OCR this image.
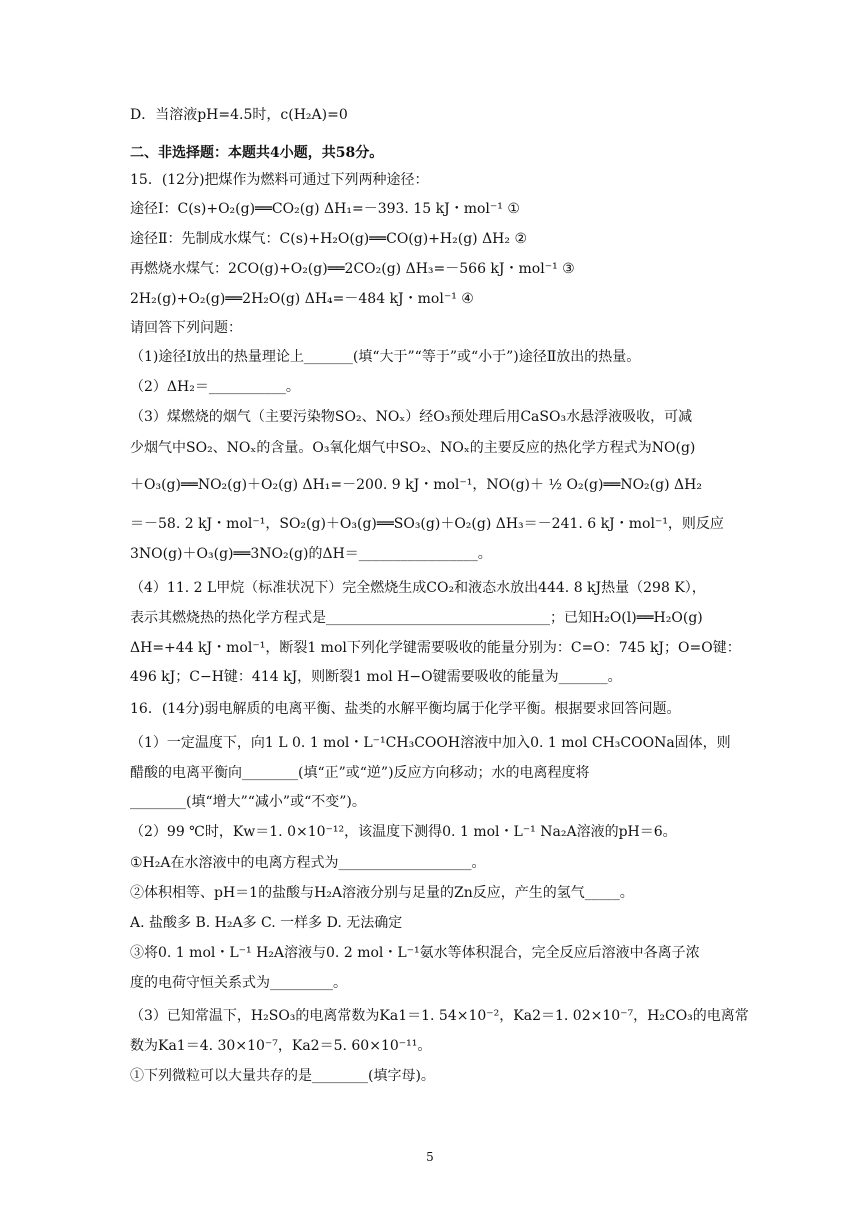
D．当溶液pH=4.5时，c(H₂A)=0
二、非选择题：本题共4小题，共58分。
15．(12分)把煤作为燃料可通过下列两种途径：
途径Ⅰ：C(s)+O₂(g)══CO₂(g) ΔH₁=－393. 15 kJ・mol⁻¹ ①
途径Ⅱ：先制成水煤气：C(s)+H₂O(g)══CO(g)+H₂(g) ΔH₂ ②
再燃烧水煤气：2CO(g)+O₂(g)══2CO₂(g) ΔH₃=－566 kJ・mol⁻¹ ③
2H₂(g)+O₂(g)══2H₂O(g) ΔH₄=－484 kJ・mol⁻¹ ④
请回答下列问题：
（1)途径Ⅰ放出的热量理论上_______(填“大于”“等于”或“小于”)途径Ⅱ放出的热量。
（2）ΔH₂＝___________。
（3）煤燃烧的烟气（主要污染物SO₂、NOₓ）经O₃预处理后用CaSO₃水悬浮液吸收，可减
少烟气中SO₂、NOₓ的含量。O₃氧化烟气中SO₂、NOₓ的主要反应的热化学方程式为NO(g)
＋O₃(g)══NO₂(g)＋O₂(g) ΔH₁=－200. 9 kJ・mol⁻¹，NO(g)＋ ½ O₂(g)══NO₂(g) ΔH₂
＝－58. 2 kJ・mol⁻¹，SO₂(g)＋O₃(g)══SO₃(g)＋O₂(g) ΔH₃＝－241. 6 kJ・mol⁻¹，则反应
3NO(g)＋O₃(g)══3NO₂(g)的ΔH＝_________________。
（4）11. 2 L甲烷（标准状况下）完全燃烧生成CO₂和液态水放出444. 8 kJ热量（298 K），
表示其燃烧热的热化学方程式是________________________________；已知H₂O(l)══H₂O(g)
ΔH=+44 kJ・mol⁻¹，断裂1 mol下列化学键需要吸收的能量分别为：C=O：745 kJ；O=O键：
496 kJ；C−H键：414 kJ，则断裂1 mol H−O键需要吸收的能量为_______。
16．(14分)弱电解质的电离平衡、盐类的水解平衡均属于化学平衡。根据要求回答问题。
（1）一定温度下，向1 L 0. 1 mol・L⁻¹CH₃COOH溶液中加入0. 1 mol CH₃COONa固体，则
醋酸的电离平衡向________(填“正”或“逆”)反应方向移动；水的电离程度将
________(填“增大”“减小”或“不变”)。
（2）99 ℃时，Kw＝1. 0×10⁻¹²，该温度下测得0. 1 mol・L⁻¹ Na₂A溶液的pH＝6。
①H₂A在水溶液中的电离方程式为___________________。
②体积相等、pH＝1的盐酸与H₂A溶液分别与足量的Zn反应，产生的氢气_____。
A. 盐酸多 B. H₂A多 C. 一样多 D. 无法确定
③将0. 1 mol・L⁻¹ H₂A溶液与0. 2 mol・L⁻¹氨水等体积混合，完全反应后溶液中各离子浓
度的电荷守恒关系式为_________。
（3）已知常温下，H₂SO₃的电离常数为Ka1＝1. 54×10⁻²，Ka2＝1. 02×10⁻⁷，H₂CO₃的电离常
数为Ka1＝4. 30×10⁻⁷，Ka2＝5. 60×10⁻¹¹。
①下列微粒可以大量共存的是________(填字母)。
5
